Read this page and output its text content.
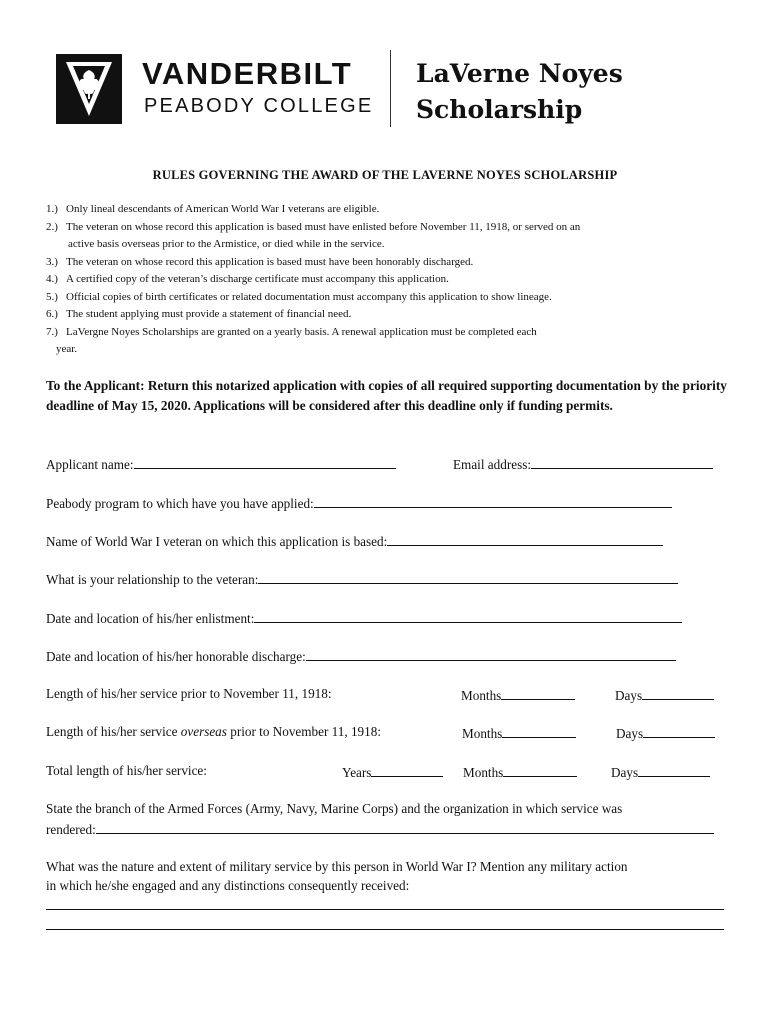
VANDERBILT
PEABODY COLLEGE
LaVerne Noyes
Scholarship
RULES GOVERNING THE AWARD OF THE LAVERNE NOYES SCHOLARSHIP
1.) Only lineal descendants of American World War I veterans are eligible.
2.) The veteran on whose record this application is based must have enlisted before November 11, 1918, or served on an
active basis overseas prior to the Armistice, or died while in the service.
3.) The veteran on whose record this application is based must have been honorably discharged.
4.) A certified copy of the veteran’s discharge certificate must accompany this application.
5.) Official copies of birth certificates or related documentation must accompany this application to show lineage.
6.) The student applying must provide a statement of financial need.
7.) LaVergne Noyes Scholarships are granted on a yearly basis. A renewal application must be completed each
year.
To the Applicant: Return this notarized application with copies of all required supporting documentation by the priority deadline of May 15, 2020. Applications will be considered after this deadline only if funding permits.
Applicant name:	Email address:
Peabody program to which have you have applied:
Name of World War I veteran on which this application is based:
What is your relationship to the veteran:
Date and location of his/her enlistment:
Date and location of his/her honorable discharge:
Length of his/her service prior to November 11, 1918:	Months	Days
Length of his/her service overseas prior to November 11, 1918:	Months	Days
Total length of his/her service:	Years	Months	Days
State the branch of the Armed Forces (Army, Navy, Marine Corps) and the organization in which service was
rendered:
What was the nature and extent of military service by this person in World War I? Mention any military action
in which he/she engaged and any distinctions consequently received:
